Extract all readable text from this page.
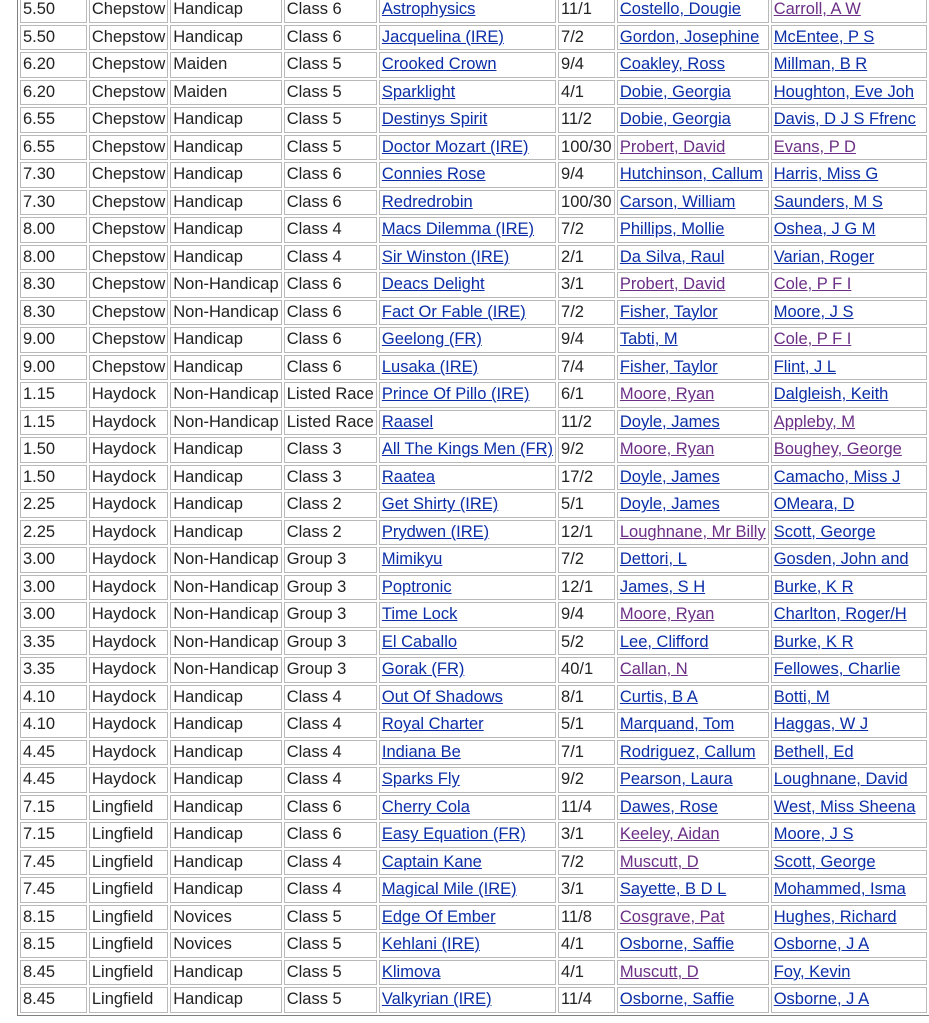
5.50	Chepstow	Handicap	Class 6	Astrophysics	11/1	Costello, Dougie	Carroll, A W
5.50	Chepstow	Handicap	Class 6	Jacquelina (IRE)	7/2	Gordon, Josephine	McEntee, P S
6.20	Chepstow	Maiden	Class 5	Crooked Crown	9/4	Coakley, Ross	Millman, B R
6.20	Chepstow	Maiden	Class 5	Sparklight	4/1	Dobie, Georgia	Houghton, Eve Joh
6.55	Chepstow	Handicap	Class 5	Destinys Spirit	11/2	Dobie, Georgia	Davis, D J S Ffrenc
6.55	Chepstow	Handicap	Class 5	Doctor Mozart (IRE)	100/30	Probert, David	Evans, P D
7.30	Chepstow	Handicap	Class 6	Connies Rose	9/4	Hutchinson, Callum	Harris, Miss G
7.30	Chepstow	Handicap	Class 6	Redredrobin	100/30	Carson, William	Saunders, M S
8.00	Chepstow	Handicap	Class 4	Macs Dilemma (IRE)	7/2	Phillips, Mollie	Oshea, J G M
8.00	Chepstow	Handicap	Class 4	Sir Winston (IRE)	2/1	Da Silva, Raul	Varian, Roger
8.30	Chepstow	Non-Handicap	Class 6	Deacs Delight	3/1	Probert, David	Cole, P F I
8.30	Chepstow	Non-Handicap	Class 6	Fact Or Fable (IRE)	7/2	Fisher, Taylor	Moore, J S
9.00	Chepstow	Handicap	Class 6	Geelong (FR)	9/4	Tabti, M	Cole, P F I
9.00	Chepstow	Handicap	Class 6	Lusaka (IRE)	7/4	Fisher, Taylor	Flint, J L
1.15	Haydock	Non-Handicap	Listed Race	Prince Of Pillo (IRE)	6/1	Moore, Ryan	Dalgleish, Keith
1.15	Haydock	Non-Handicap	Listed Race	Raasel	11/2	Doyle, James	Appleby, M
1.50	Haydock	Handicap	Class 3	All The Kings Men (FR)	9/2	Moore, Ryan	Boughey, George
1.50	Haydock	Handicap	Class 3	Raatea	17/2	Doyle, James	Camacho, Miss J
2.25	Haydock	Handicap	Class 2	Get Shirty (IRE)	5/1	Doyle, James	OMeara, D
2.25	Haydock	Handicap	Class 2	Prydwen (IRE)	12/1	Loughnane, Mr Billy	Scott, George
3.00	Haydock	Non-Handicap	Group 3	Mimikyu	7/2	Dettori, L	Gosden, John and
3.00	Haydock	Non-Handicap	Group 3	Poptronic	12/1	James, S H	Burke, K R
3.00	Haydock	Non-Handicap	Group 3	Time Lock	9/4	Moore, Ryan	Charlton, Roger/H
3.35	Haydock	Non-Handicap	Group 3	El Caballo	5/2	Lee, Clifford	Burke, K R
3.35	Haydock	Non-Handicap	Group 3	Gorak (FR)	40/1	Callan, N	Fellowes, Charlie
4.10	Haydock	Handicap	Class 4	Out Of Shadows	8/1	Curtis, B A	Botti, M
4.10	Haydock	Handicap	Class 4	Royal Charter	5/1	Marquand, Tom	Haggas, W J
4.45	Haydock	Handicap	Class 4	Indiana Be	7/1	Rodriguez, Callum	Bethell, Ed
4.45	Haydock	Handicap	Class 4	Sparks Fly	9/2	Pearson, Laura	Loughnane, David
7.15	Lingfield	Handicap	Class 6	Cherry Cola	11/4	Dawes, Rose	West, Miss Sheena
7.15	Lingfield	Handicap	Class 6	Easy Equation (FR)	3/1	Keeley, Aidan	Moore, J S
7.45	Lingfield	Handicap	Class 4	Captain Kane	7/2	Muscutt, D	Scott, George
7.45	Lingfield	Handicap	Class 4	Magical Mile (IRE)	3/1	Sayette, B D L	Mohammed, Isma
8.15	Lingfield	Novices	Class 5	Edge Of Ember	11/8	Cosgrave, Pat	Hughes, Richard
8.15	Lingfield	Novices	Class 5	Kehlani (IRE)	4/1	Osborne, Saffie	Osborne, J A
8.45	Lingfield	Handicap	Class 5	Klimova	4/1	Muscutt, D	Foy, Kevin
8.45	Lingfield	Handicap	Class 5	Valkyrian (IRE)	11/4	Osborne, Saffie	Osborne, J A
